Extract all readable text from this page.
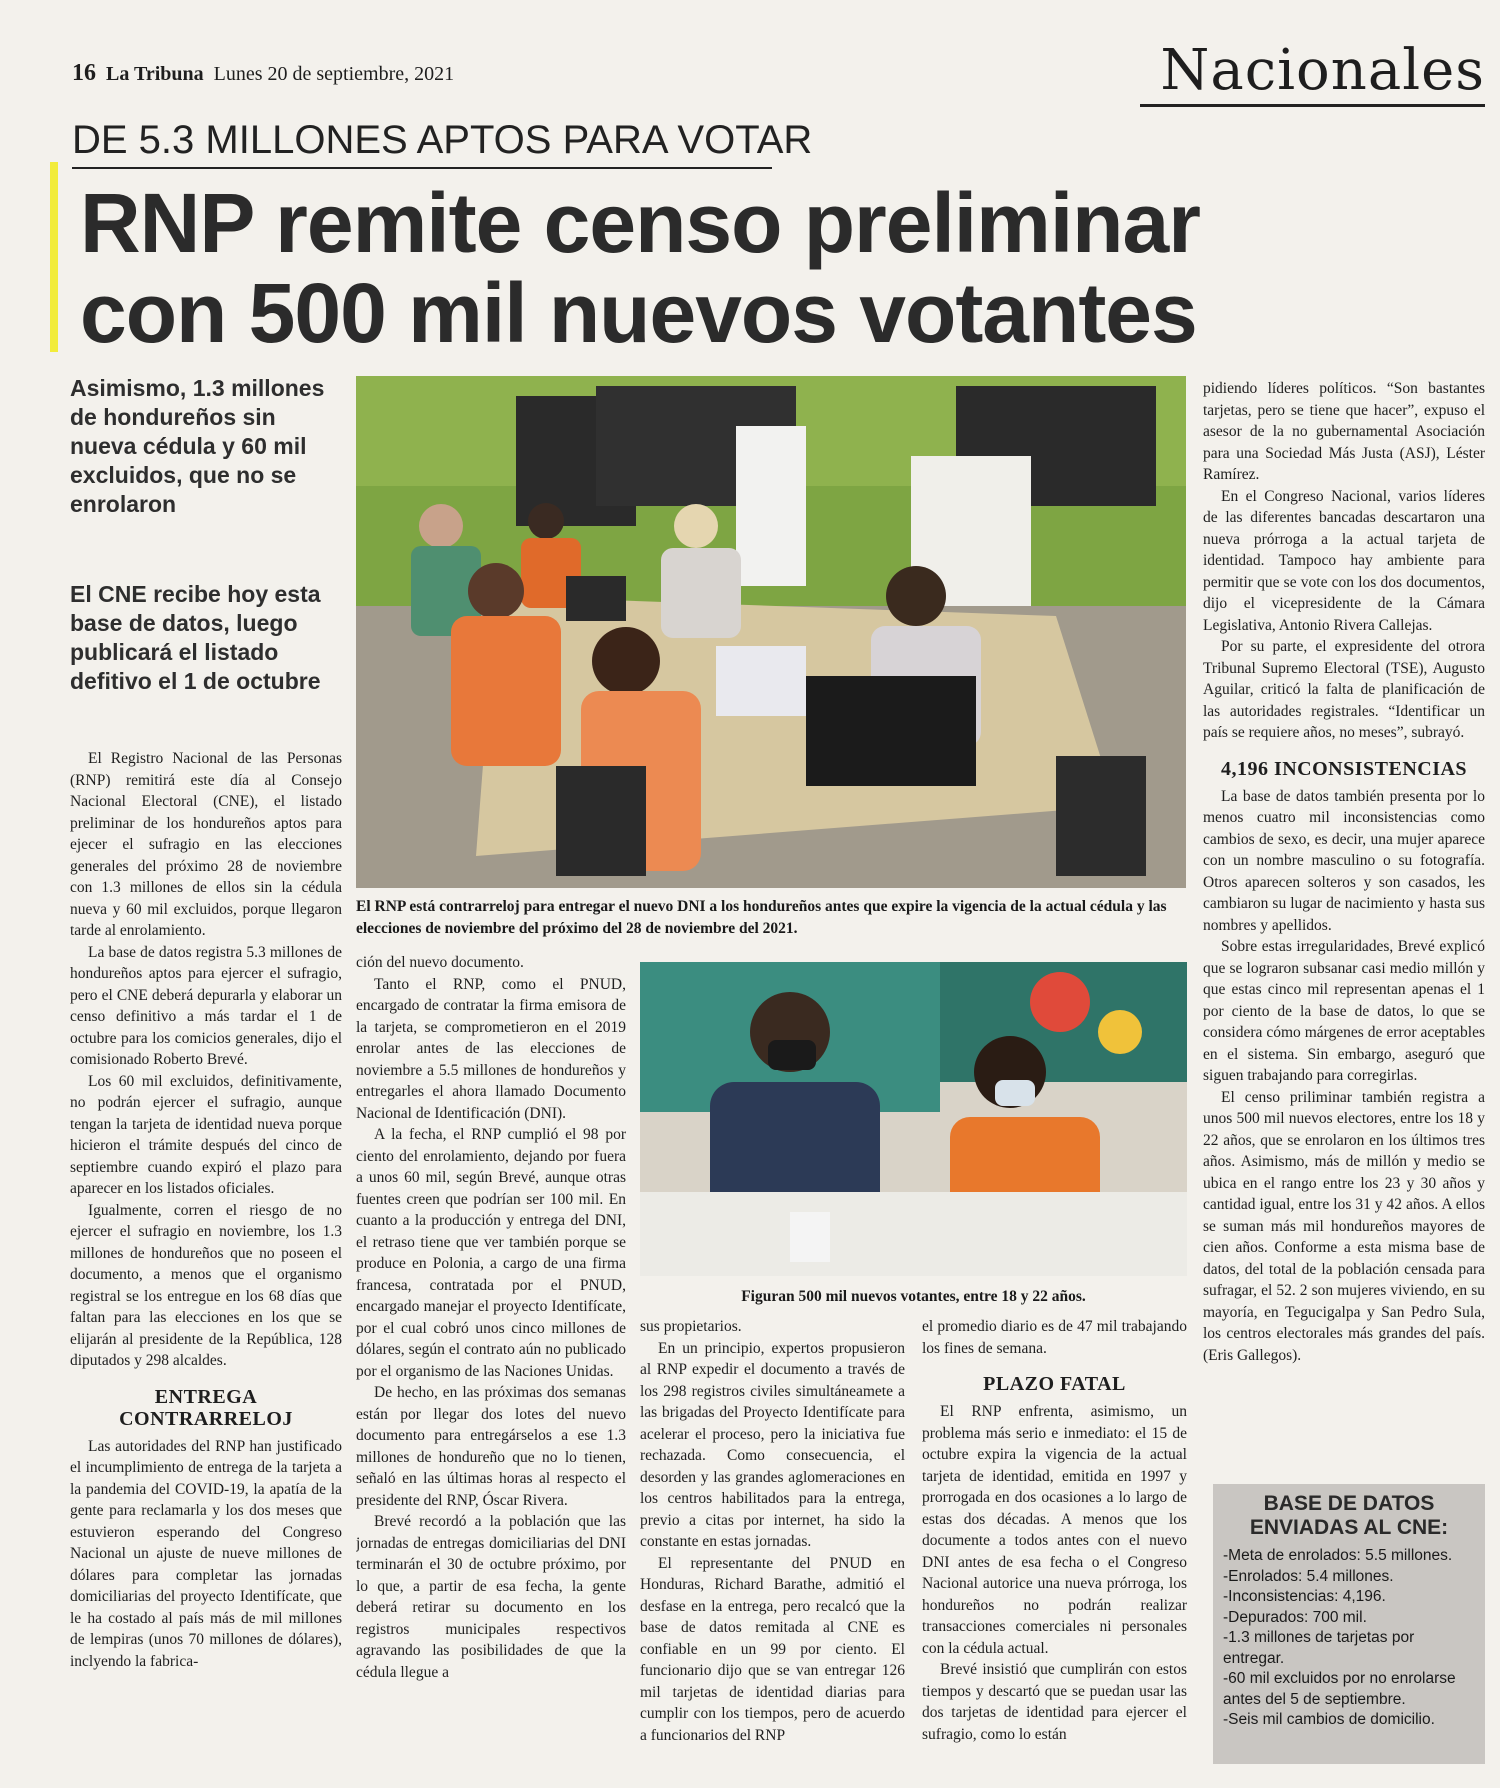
16 La Tribuna Lunes 20 de septiembre, 2021	Nacionales
DE 5.3 MILLONES APTOS PARA VOTAR
RNP remite censo preliminar
con 500 mil nuevos votantes
Asimismo, 1.3 millones de hondureños sin nueva cédula y 60 mil excluidos, que no se enrolaron
El CNE recibe hoy esta base de datos, luego publicará el listado defitivo el 1 de octubre
El RNP está contrarreloj para entregar el nuevo DNI a los hondureños antes que expire la vigencia de la actual cédula y las elecciones de noviembre del próximo del 28 de noviembre del 2021.
Figuran 500 mil nuevos votantes, entre 18 y 22 años.

El Registro Nacional de las Personas (RNP) remitirá este día al Consejo Nacional Electoral (CNE), el listado preliminar de los hondureños aptos para ejecer el sufragio en las elecciones generales del próximo 28 de noviembre con 1.3 millones de ellos sin la cédula nueva y 60 mil excluidos, porque llegaron tarde al enrolamiento.

La base de datos registra 5.3 millones de hondureños aptos para ejercer el sufragio, pero el CNE deberá depurarla y elaborar un censo definitivo a más tardar el 1 de octubre para los comicios generales, dijo el comisionado Roberto Brevé.

Los 60 mil excluidos, definitivamente, no podrán ejercer el sufragio, aunque tengan la tarjeta de identidad nueva porque hicieron el trámite después del cinco de septiembre cuando expiró el plazo para aparecer en los listados oficiales.

Igualmente, corren el riesgo de no ejercer el sufragio en noviembre, los 1.3 millones de hondureños que no poseen el documento, a menos que el organismo registral se los entregue en los 68 días que faltan para las elecciones en los que se elijarán al presidente de la República, 128 diputados y 298 alcaldes.

ENTREGA CONTRARRELOJ

Las autoridades del RNP han justificado el incumplimiento de entrega de la tarjeta a la pandemia del COVID-19, la apatía de la gente para reclamarla y los dos meses que estuvieron esperando del Congreso Nacional un ajuste de nueve millones de dólares para completar las jornadas domiciliarias del proyecto Identifícate, que le ha costado al país más de mil millones de lempiras (unos 70 millones de dólares), inclyendo la fabrica-

ción del nuevo documento.

Tanto el RNP, como el PNUD, encargado de contratar la firma emisora de la tarjeta, se comprometieron en el 2019 enrolar antes de las elecciones de noviembre a 5.5 millones de hondureños y entregarles el ahora llamado Documento Nacional de Identificación (DNI).

A la fecha, el RNP cumplió el 98 por ciento del enrolamiento, dejando por fuera a unos 60 mil, según Brevé, aunque otras fuentes creen que podrían ser 100 mil. En cuanto a la producción y entrega del DNI, el retraso tiene que ver también porque se produce en Polonia, a cargo de una firma francesa, contratada por el PNUD, encargado manejar el proyecto Identifícate, por el cual cobró unos cinco millones de dólares, según el contrato aún no publicado por el organismo de las Naciones Unidas.

De hecho, en las próximas dos semanas están por llegar dos lotes del nuevo documento para entregárselos a ese 1.3 millones de hondureño que no lo tienen, señaló en las últimas horas al respecto el presidente del RNP, Óscar Rivera.

Brevé recordó a la población que las jornadas de entregas domiciliarias del DNI terminarán el 30 de octubre próximo, por lo que, a partir de esa fecha, la gente deberá retirar su documento en los registros municipales respectivos agravando las posibilidades de que la cédula llegue a

sus propietarios.

En un principio, expertos propusieron al RNP expedir el documento a través de los 298 registros civiles simultáneamete a las brigadas del Proyecto Identifícate para acelerar el proceso, pero la iniciativa fue rechazada. Como consecuencia, el desorden y las grandes aglomeraciones en los centros habilitados para la entrega, previo a citas por internet, ha sido la constante en estas jornadas.

El representante del PNUD en Honduras, Richard Barathe, admitió el desfase en la entrega, pero recalcó que la base de datos remitada al CNE es confiable en un 99 por ciento. El funcionario dijo que se van entregar 126 mil tarjetas de identidad diarias para cumplir con los tiempos, pero de acuerdo a funcionarios del RNP

el promedio diario es de 47 mil trabajando los fines de semana.

PLAZO FATAL

El RNP enfrenta, asimismo, un problema más serio e inmediato: el 15 de octubre expira la vigencia de la actual tarjeta de identidad, emitida en 1997 y prorrogada en dos ocasiones a lo largo de estas dos décadas. A menos que los documente a todos antes con el nuevo DNI antes de esa fecha o el Congreso Nacional autorice una nueva prórroga, los hondureños no podrán realizar transacciones comerciales ni personales con la cédula actual.

Brevé insistió que cumplirán con estos tiempos y descartó que se puedan usar las dos tarjetas de identidad para ejercer el sufragio, como lo están

pidiendo líderes políticos. “Son bastantes tarjetas, pero se tiene que hacer”, expuso el asesor de la no gubernamental Asociación para una Sociedad Más Justa (ASJ), Léster Ramírez.

En el Congreso Nacional, varios líderes de las diferentes bancadas descartaron una nueva prórroga a la actual tarjeta de identidad. Tampoco hay ambiente para permitir que se vote con los dos documentos, dijo el vicepresidente de la Cámara Legislativa, Antonio Rivera Callejas.

Por su parte, el expresidente del otrora Tribunal Supremo Electoral (TSE), Augusto Aguilar, criticó la falta de planificación de las autoridades registrales. “Identificar un país se requiere años, no meses”, subrayó.

4,196 INCONSISTENCIAS

La base de datos también presenta por lo menos cuatro mil inconsistencias como cambios de sexo, es decir, una mujer aparece con un nombre masculino o su fotografía. Otros aparecen solteros y son casados, les cambiaron su lugar de nacimiento y hasta sus nombres y apellidos.

Sobre estas irregularidades, Brevé explicó que se lograron subsanar casi medio millón y que estas cinco mil representan apenas el 1 por ciento de la base de datos, lo que se considera cómo márgenes de error aceptables en el sistema. Sin embargo, aseguró que siguen trabajando para corregirlas.

El censo priliminar también registra a unos 500 mil nuevos electores, entre los 18 y 22 años, que se enrolaron en los últimos tres años. Asimismo, más de millón y medio se ubica en el rango entre los 23 y 30 años y cantidad igual, entre los 31 y 42 años. A ellos se suman más mil hondureños mayores de cien años. Conforme a esta misma base de datos, del total de la población censada para sufragar, el 52. 2 son mujeres viviendo, en su mayoría, en Tegucigalpa y San Pedro Sula, los centros electorales más grandes del país. (Eris Gallegos).

BASE DE DATOS ENVIADAS AL CNE:
-Meta de enrolados: 5.5 millones.
-Enrolados: 5.4 millones.
-Inconsistencias: 4,196.
-Depurados: 700 mil.
-1.3 millones de tarjetas por entregar.
-60 mil excluidos por no enrolarse antes del 5 de septiembre.
-Seis mil cambios de domicilio.
